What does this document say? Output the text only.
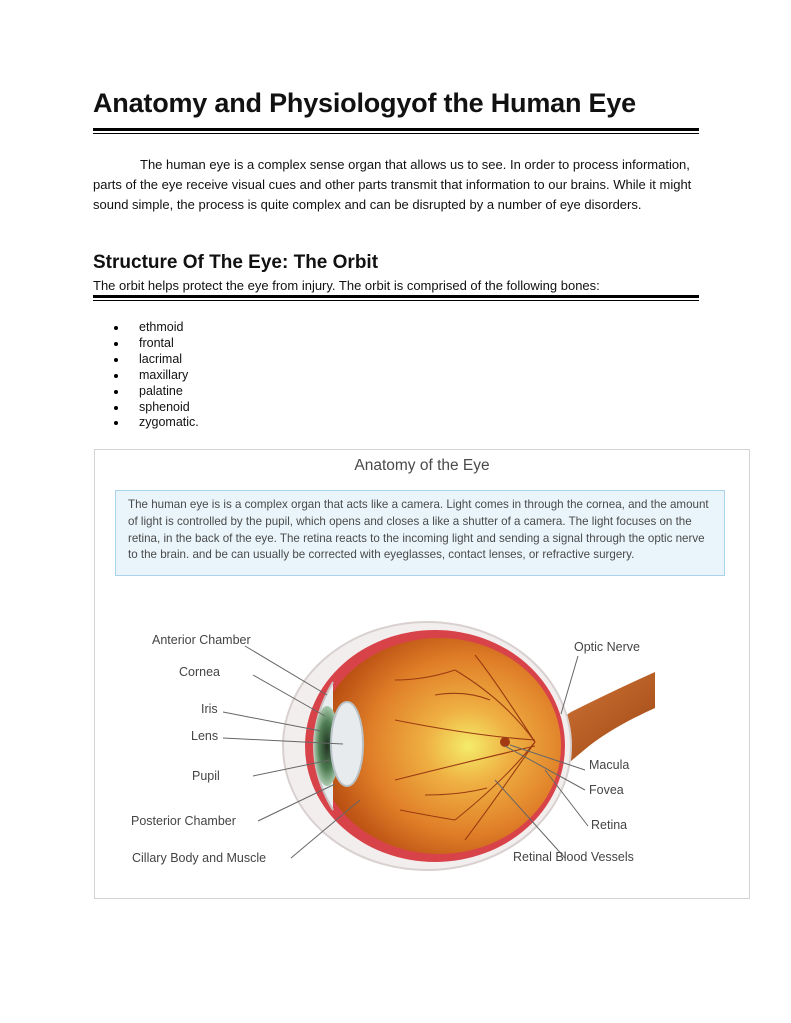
Anatomy and Physiologyof the Human Eye

The human eye is a complex sense organ that allows us to see. In order to process information, parts of the eye receive visual cues and other parts transmit that information to our brains. While it might sound simple, the process is quite complex and can be disrupted by a number of eye disorders.

Structure Of The Eye: The Orbit

The orbit helps protect the eye from injury. The orbit is comprised of the following bones:

ethmoid
frontal
lacrimal
maxillary
palatine
sphenoid
zygomatic.
Anatomy of the Eye
The human eye is is a complex organ that acts like a camera. Light comes in through the cornea, and the amount of light is controlled by the pupil, which opens and closes a like a shutter of a camera. The light focuses on the retina, in the back of the eye. The retina reacts to the incoming light and sending a signal through the optic nerve to the brain. and be can usually be corrected with eyeglasses, contact lenses, or refractive surgery.
Anterior Chamber
Cornea
Iris
Lens
Pupil
Posterior Chamber
Cillary Body and Muscle
Optic Nerve
Macula
Fovea
Retina
Retinal Blood Vessels
